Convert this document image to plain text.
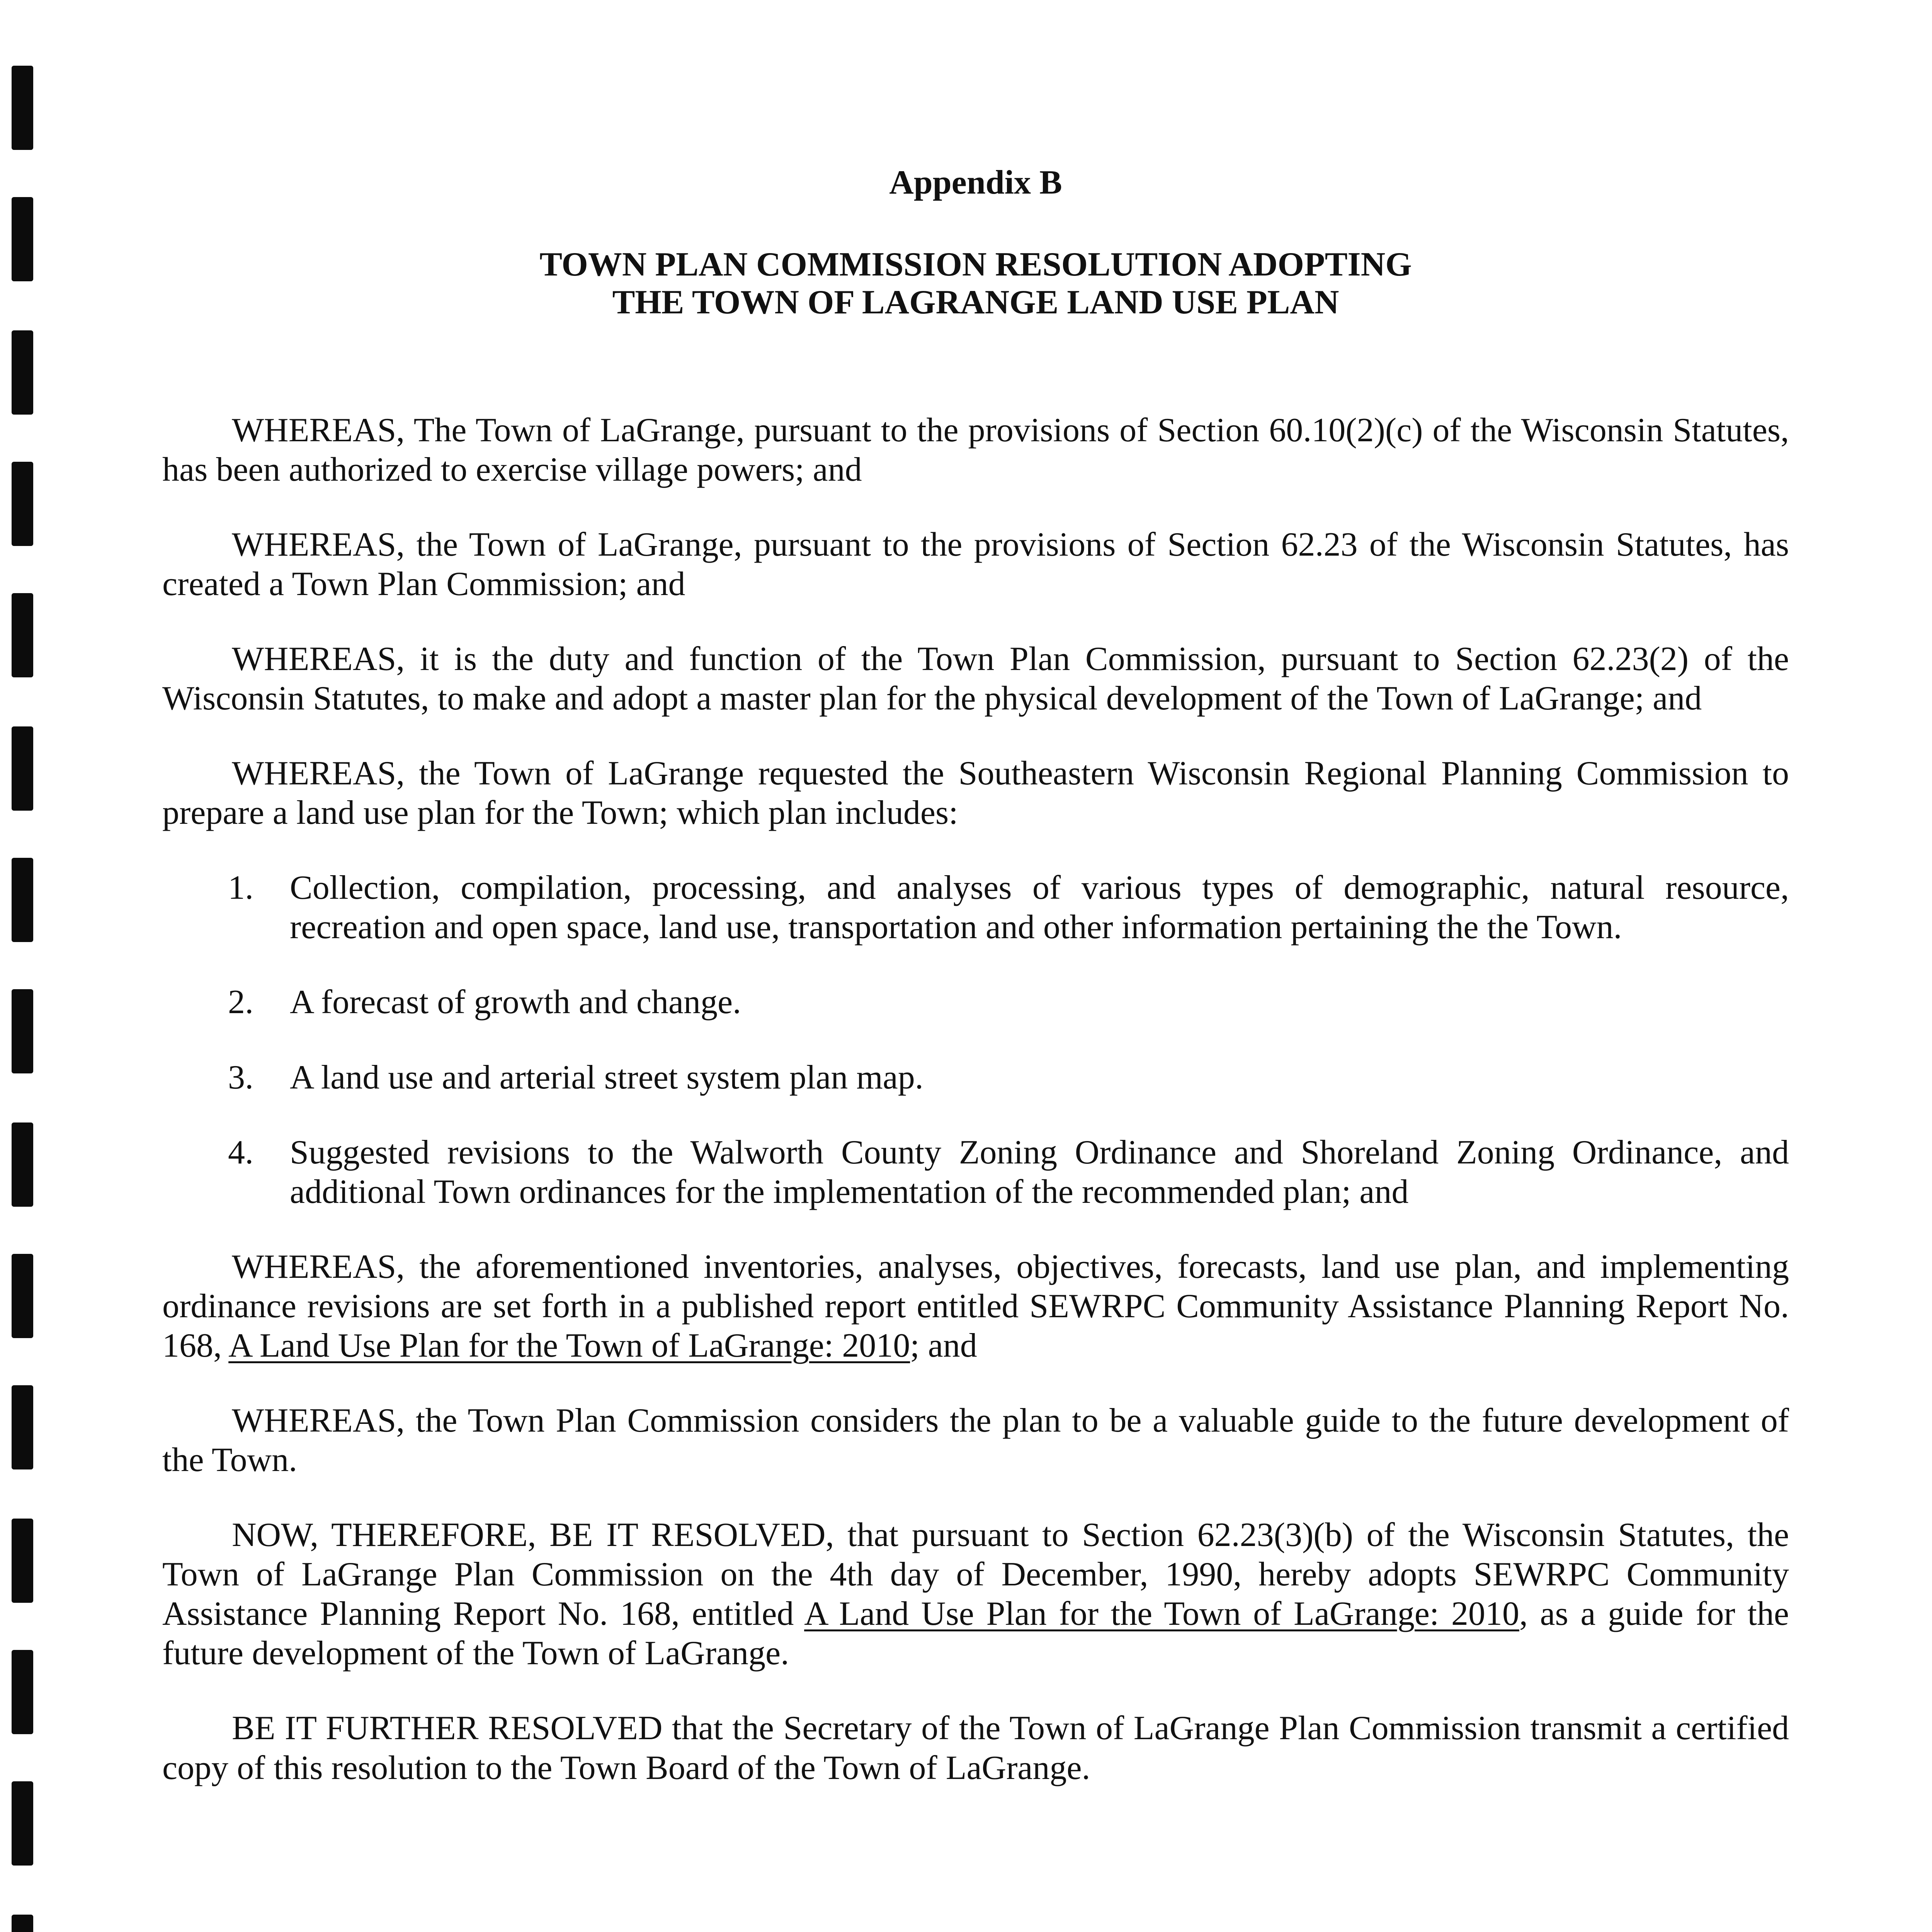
Appendix B
TOWN PLAN COMMISSION RESOLUTION ADOPTING
THE TOWN OF LAGRANGE LAND USE PLAN

WHEREAS, The Town of LaGrange, pursuant to the provisions of Section 60.10(2)(c) of the Wisconsin Statutes, has been authorized to exercise village powers; and

WHEREAS, the Town of LaGrange, pursuant to the provisions of Section 62.23 of the Wisconsin Statutes, has created a Town Plan Commission; and

WHEREAS, it is the duty and function of the Town Plan Commission, pursuant to Section 62.23(2) of the Wisconsin Statutes, to make and adopt a master plan for the physical development of the Town of LaGrange; and

WHEREAS, the Town of LaGrange requested the Southeastern Wisconsin Regional Planning Commission to prepare a land use plan for the Town; which plan includes:

1. Collection, compilation, processing, and analyses of various types of demographic, natural resource, recreation and open space, land use, transportation and other information pertaining the the Town.
2. A forecast of growth and change.
3. A land use and arterial street system plan map.
4. Suggested revisions to the Walworth County Zoning Ordinance and Shoreland Zoning Ordinance, and additional Town ordinances for the implementation of the recommended plan; and

WHEREAS, the aforementioned inventories, analyses, objectives, forecasts, land use plan, and implementing ordinance revisions are set forth in a published report entitled SEWRPC Community Assistance Planning Report No. 168, A Land Use Plan for the Town of LaGrange: 2010; and

WHEREAS, the Town Plan Commission considers the plan to be a valuable guide to the future development of the Town.

NOW, THEREFORE, BE IT RESOLVED, that pursuant to Section 62.23(3)(b) of the Wisconsin Statutes, the Town of LaGrange Plan Commission on the 4th day of December, 1990, hereby adopts SEWRPC Community Assistance Planning Report No. 168, entitled A Land Use Plan for the Town of LaGrange: 2010, as a guide for the future development of the Town of LaGrange.

BE IT FURTHER RESOLVED that the Secretary of the Town of LaGrange Plan Commission transmit a certified copy of this resolution to the Town Board of the Town of LaGrange.
